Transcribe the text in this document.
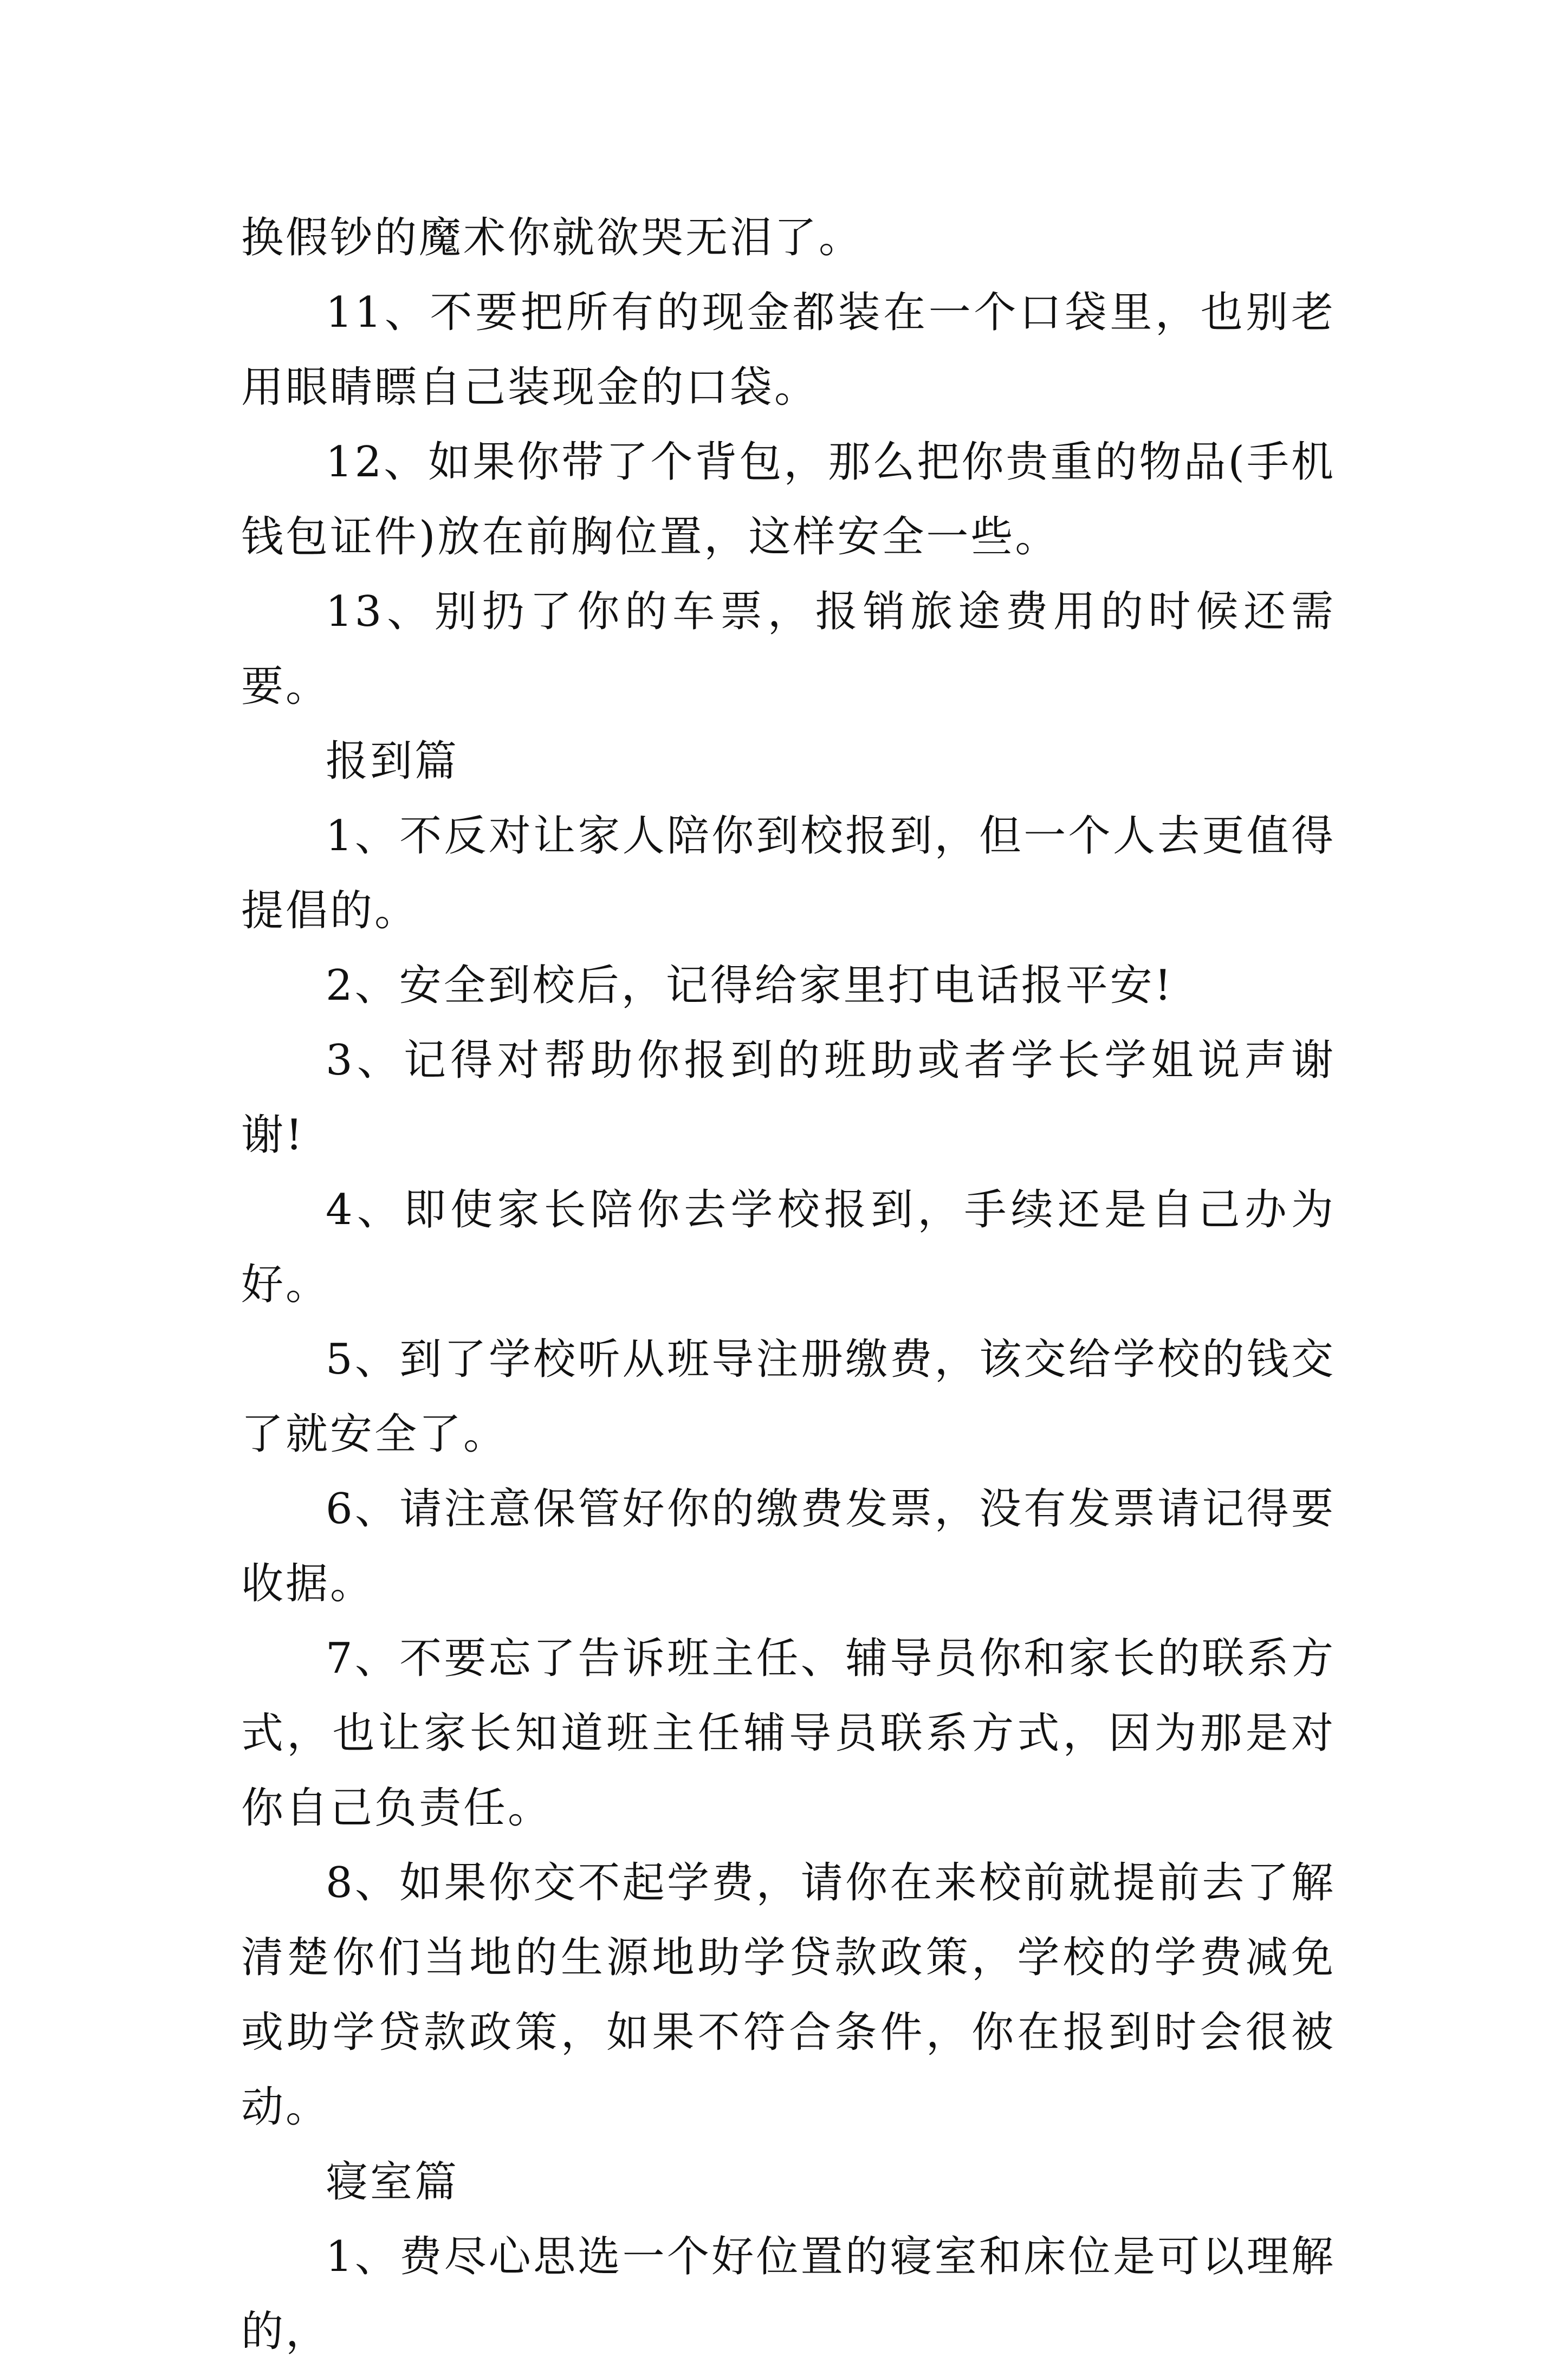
换假钞的魔术你就欲哭无泪了。

11、不要把所有的现金都装在一个口袋里，也别老用眼睛瞟自己装现金的口袋。

12、如果你带了个背包，那么把你贵重的物品(手机钱包证件)放在前胸位置，这样安全一些。

13、别扔了你的车票，报销旅途费用的时候还需要。

报到篇

1、不反对让家人陪你到校报到，但一个人去更值得提倡的。

2、安全到校后，记得给家里打电话报平安!

3、记得对帮助你报到的班助或者学长学姐说声谢谢!

4、即使家长陪你去学校报到，手续还是自己办为好。

5、到了学校听从班导注册缴费，该交给学校的钱交了就安全了。

6、请注意保管好你的缴费发票，没有发票请记得要收据。

7、不要忘了告诉班主任、辅导员你和家长的联系方式，也让家长知道班主任辅导员联系方式，因为那是对你自己负责任。

8、如果你交不起学费，请你在来校前就提前去了解清楚你们当地的生源地助学贷款政策，学校的学费减免或助学贷款政策，如果不符合条件，你在报到时会很被动。

寝室篇

1、费尽心思选一个好位置的寝室和床位是可以理解的，
